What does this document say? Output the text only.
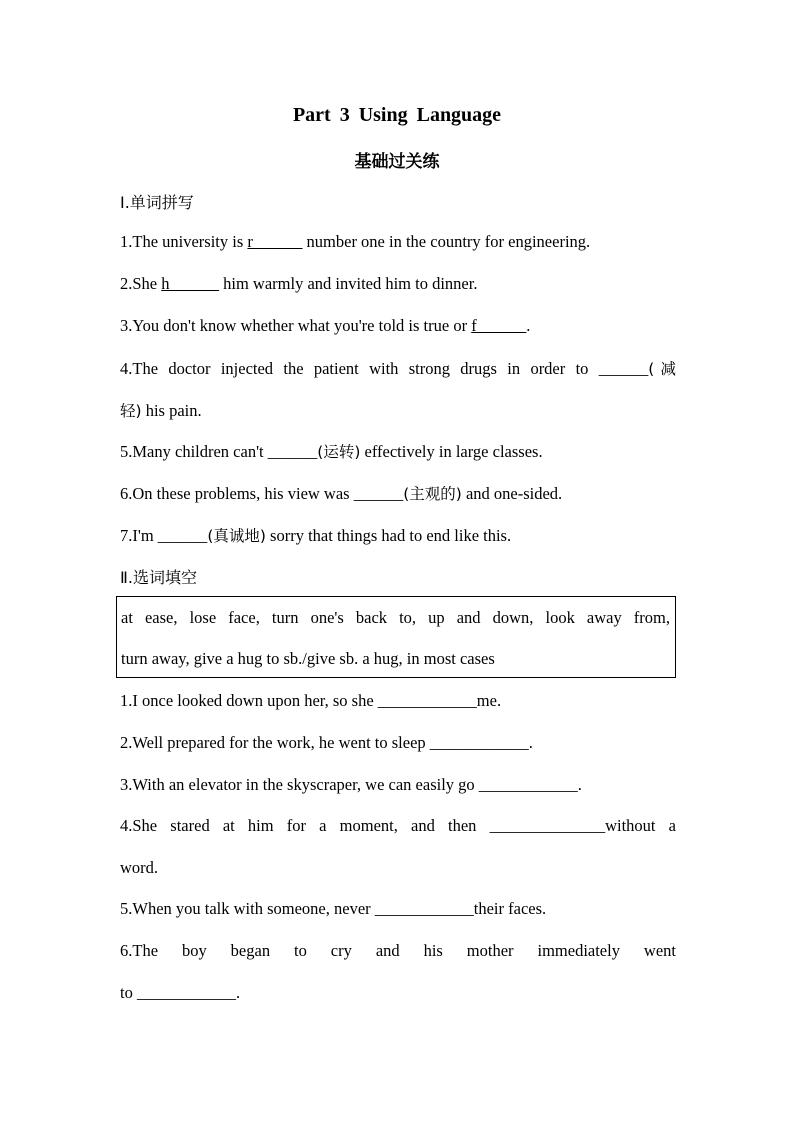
Part 3 Using Language
基础过关练
Ⅰ.单词拼写
1.The university is r______ number one in the country for engineering.
2.She h______ him warmly and invited him to dinner.
3.You don't know whether what you're told is true or f______.
4.The doctor injected the patient with strong drugs in order to ______(减
轻) his pain.
5.Many children can't ______(运转) effectively in large classes.
6.On these problems, his view was ______(主观的) and one-sided.
7.I'm ______(真诚地) sorry that things had to end like this.
Ⅱ.选词填空
at ease, lose face, turn one's back to, up and down, look away from,
turn away, give a hug to sb./give sb. a hug, in most cases
1.I once looked down upon her, so she ____________me.
2.Well prepared for the work, he went to sleep ____________.
3.With an elevator in the skyscraper, we can easily go ____________.
4.She stared at him for a moment, and then ______________without a
word.
5.When you talk with someone, never ____________their faces.
6.The boy began to cry and his mother immediately went
to ____________.
